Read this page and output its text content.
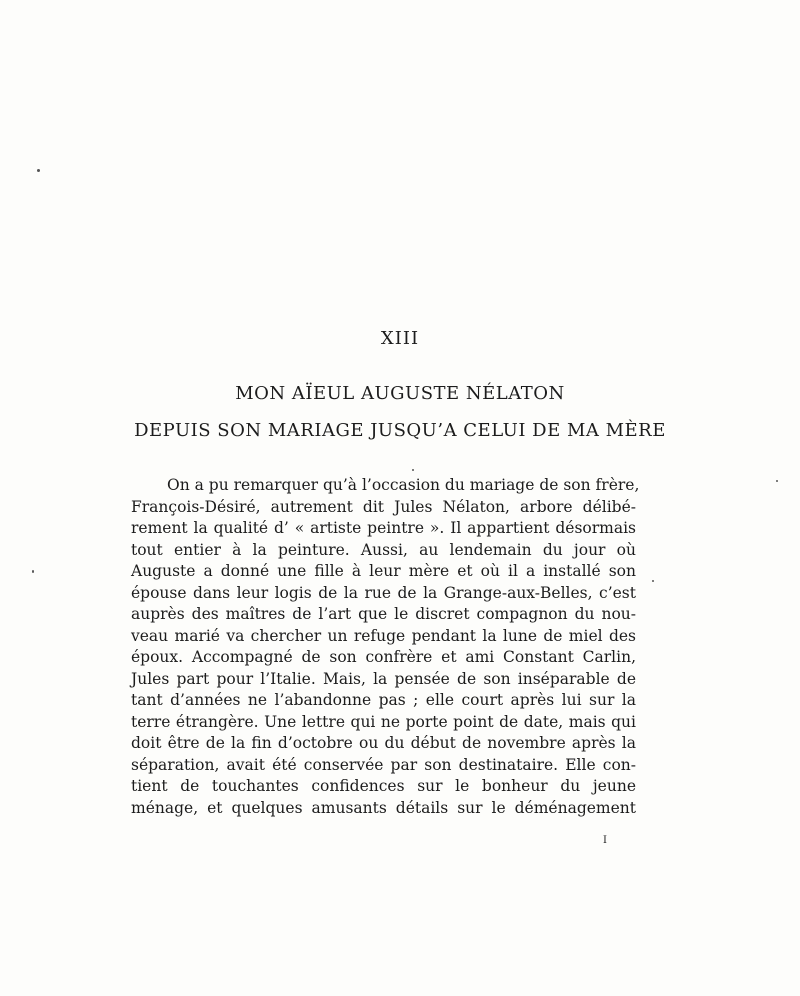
XIII
MON AÏEUL AUGUSTE NÉLATON
DEPUIS SON MARIAGE JUSQU’A CELUI DE MA MÈRE
On a pu remarquer qu’à l’occasion du mariage de son frère,
François-Désiré, autrement dit Jules Nélaton, arbore délibé-
rement la qualité d’ « artiste peintre ». Il appartient désormais
tout entier à la peinture. Aussi, au lendemain du jour où
Auguste a donné une fille à leur mère et où il a installé son
épouse dans leur logis de la rue de la Grange-aux-Belles, c’est
auprès des maîtres de l’art que le discret compagnon du nou-
veau marié va chercher un refuge pendant la lune de miel des
époux. Accompagné de son confrère et ami Constant Carlin,
Jules part pour l’Italie. Mais, la pensée de son inséparable de
tant d’années ne l’abandonne pas ; elle court après lui sur la
terre étrangère. Une lettre qui ne porte point de date, mais qui
doit être de la fin d’octobre ou du début de novembre après la
séparation, avait été conservée par son destinataire. Elle con-
tient de touchantes confidences sur le bonheur du jeune
ménage, et quelques amusants détails sur le déménagement
I
